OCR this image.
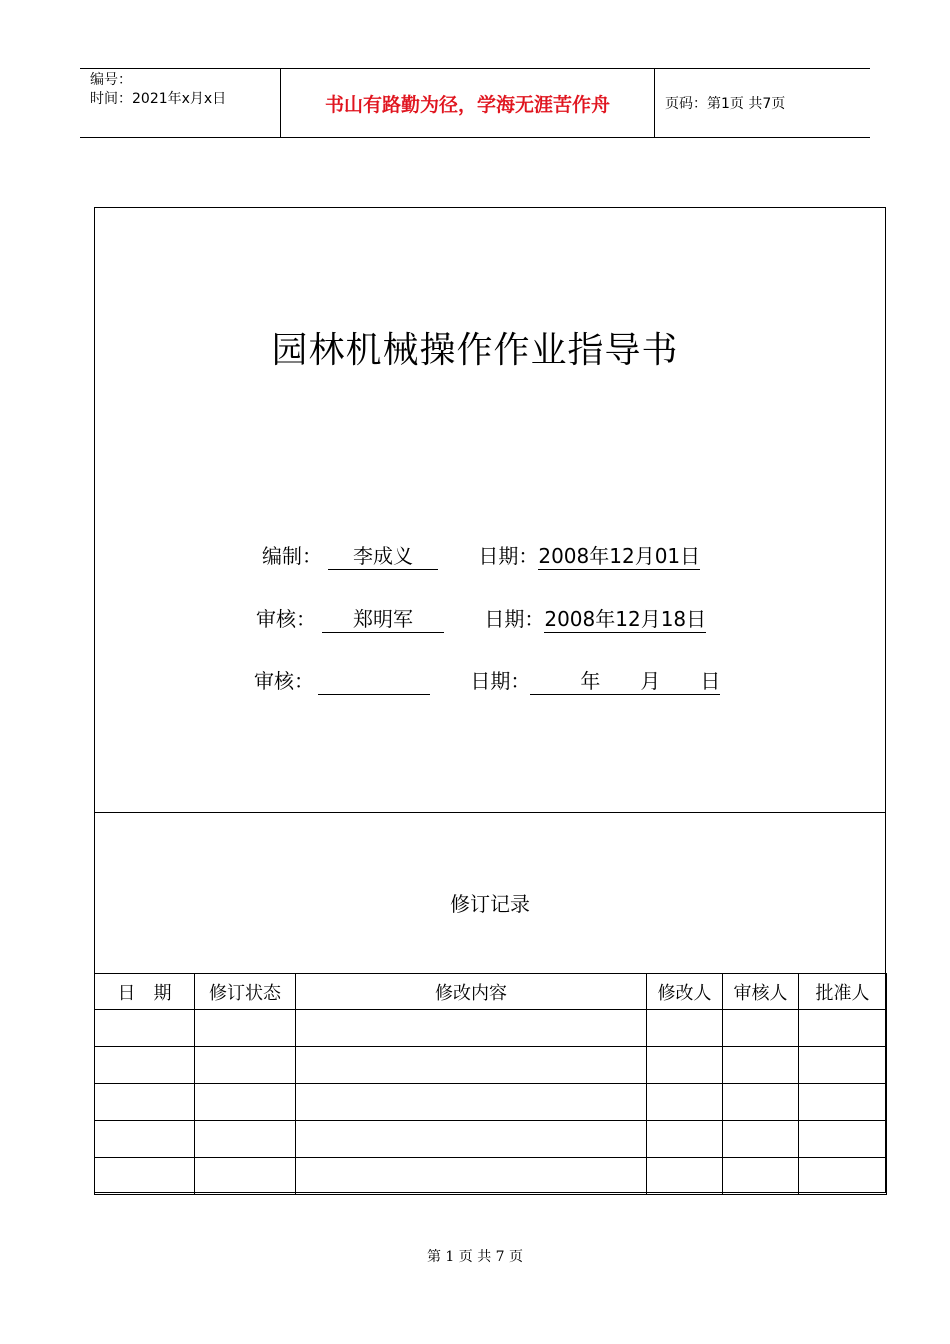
编号：
时间：2021年x月x日	书山有路勤为径，学海无涯苦作舟	页码：第1页 共7页
园林机械操作作业指导书
编制： 李成义	日期：2008年12月01日
审核： 郑明军	日期：2008年12月18日
审核：	日期：	年　　月　　日
修订记录
日　期	修订状态	修改内容	修改人	审核人	批准人

第 1 页 共 7 页
